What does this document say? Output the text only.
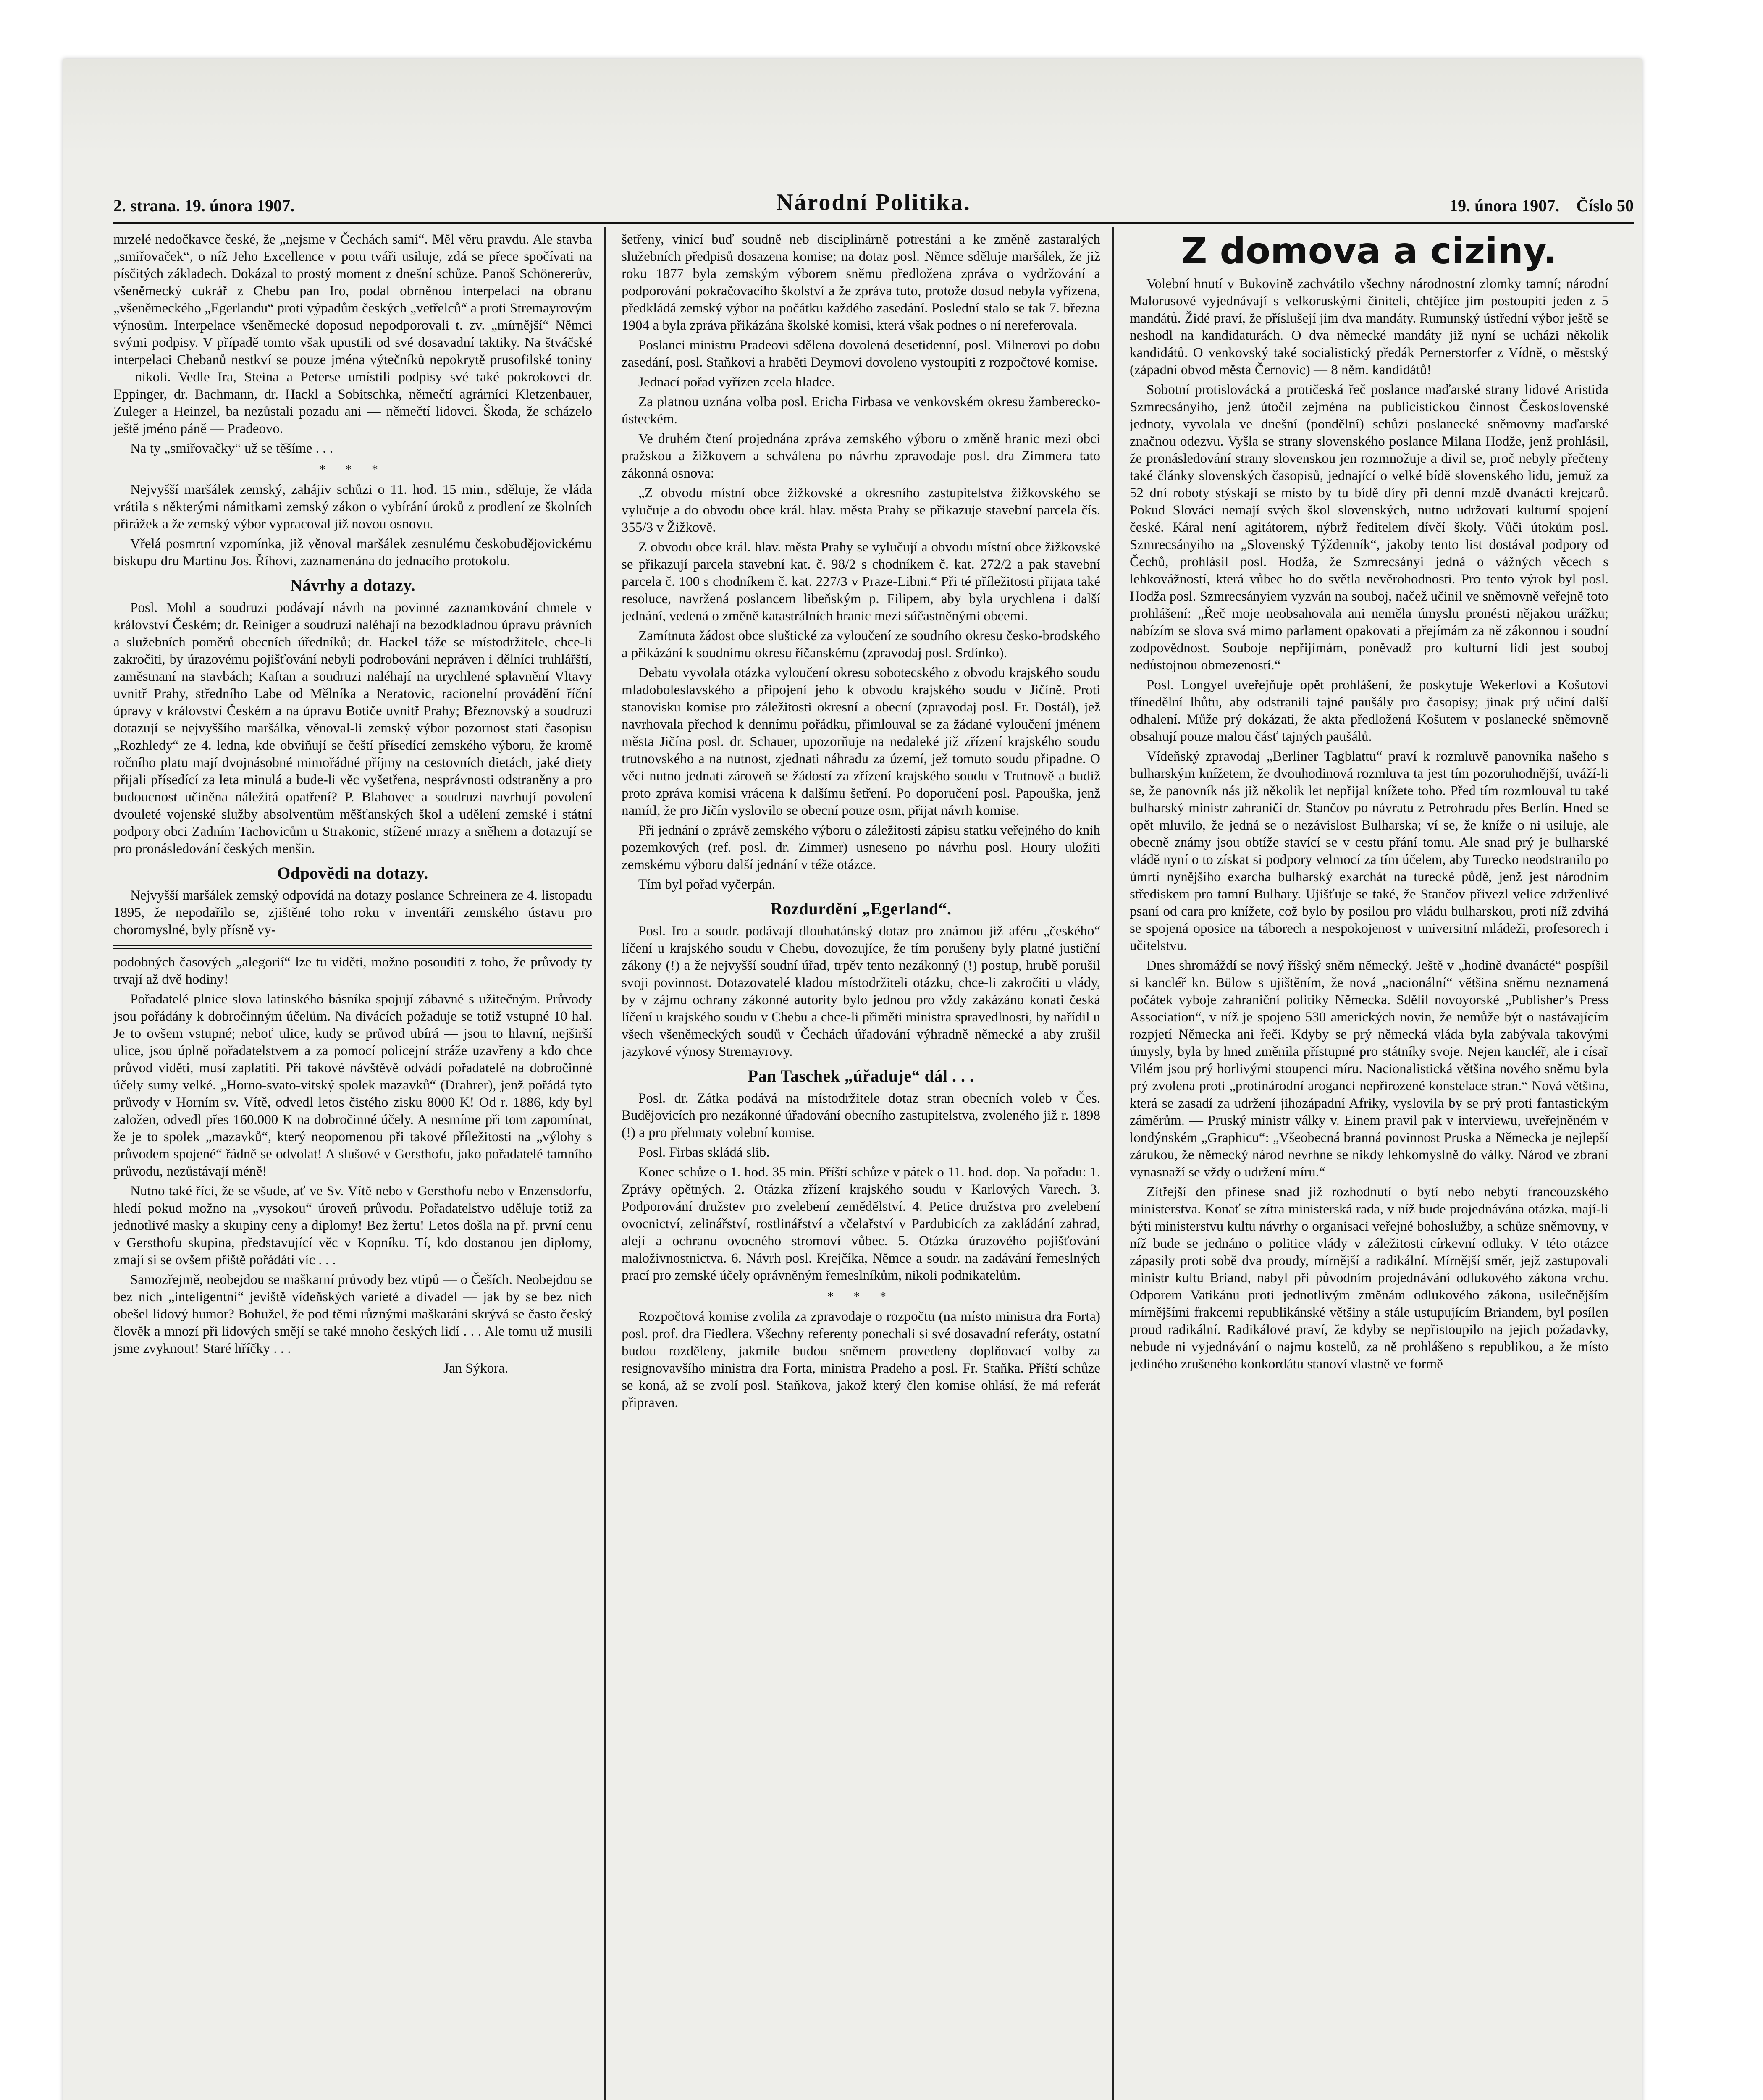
2. strana. 19. února 1907.	Národní Politika.	19. února 1907. Číslo 50

mrzelé nedočkavce české, že „nejsme v Čechách sami“. Měl věru pravdu. Ale stavba „smiřovaček“, o níž Jeho Excellence v potu tváři usiluje, zdá se přece spočívati na písčitých základech. Dokázal to prostý moment z dnešní schůze. Panoš Schönererův, všeněmecký cukrář z Chebu pan Iro, podal obrněnou interpelaci na obranu „všeněmeckého „Egerlandu“ proti výpadům českých „vetřelců“ a proti Stremayrovým výnosům. Interpelace všeněmecké doposud nepodporovali t. zv. „mírnější“ Němci svými podpisy. V případě tomto však upustili od své dosavadní taktiky. Na štváčské interpelaci Chebanů nestkví se pouze jména výtečníků nepokrytě prusofilské toniny — nikoli. Vedle Ira, Steina a Peterse umístili podpisy své také pokrokovci dr. Eppinger, dr. Bachmann, dr. Hackl a Sobitschka, němečtí agrárníci Kletzenbauer, Zuleger a Heinzel, ba nezůstali pozadu ani — němečtí lidovci. Škoda, že scházelo ještě jméno páně — Pradeovo.

Na ty „smiřovačky“ už se těšíme . . .

* * *

Nejvyšší maršálek zemský, zahájiv schůzi o 11. hod. 15 min., sděluje, že vláda vrátila s některými námitkami zemský zákon o vybírání úroků z prodlení ze školních přirážek a že zemský výbor vypracoval již novou osnovu.

Vřelá posmrtní vzpomínka, již věnoval maršálek zesnulému českobudějovickému biskupu dru Martinu Jos. Říhovi, zaznamenána do jednacího protokolu.

Návrhy a dotazy.

Posl. Mohl a soudruzi podávají návrh na povinné zaznamkování chmele v království Českém; dr. Reiniger a soudruzi naléhají na bezodkladnou úpravu právních a služebních poměrů obecních úředníků; dr. Hackel táže se místodržitele, chce-li zakročiti, by úrazovému pojišťování nebyli podrobováni nepráven i dělníci truhlářští, zaměstnaní na stavbách; Kaftan a soudruzi naléhají na urychlené splavnění Vltavy uvnitř Prahy, středního Labe od Mělníka a Neratovic, racionelní provádění říční úpravy v království Českém a na úpravu Botiče uvnitř Prahy; Březnovský a soudruzi dotazují se nejvyššího maršálka, věnoval-li zemský výbor pozornost stati časopisu „Rozhledy“ ze 4. ledna, kde obviňují se čeští přísedící zemského výboru, že kromě ročního platu mají dvojnásobné mimořádné příjmy na cestovních dietách, jaké diety přijali přísedící za leta minulá a bude-li věc vyšetřena, nesprávnosti odstraněny a pro budoucnost učiněna náležitá opatření? P. Blahovec a soudruzi navrhují povolení dvouleté vojenské služby absolventům měšťanských škol a udělení zemské i státní podpory obci Zadním Tachovicům u Strakonic, stížené mrazy a sněhem a dotazují se pro pronásledování českých menšin.

Odpovědi na dotazy.

Nejvyšší maršálek zemský odpovídá na dotazy poslance Schreinera ze 4. listopadu 1895, že nepodařilo se, zjištěné toho roku v inventáři zemského ústavu pro choromyslné, byly přísně vy-

podobných časových „alegorií“ lze tu viděti, možno posouditi z toho, že průvody ty trvají až dvě hodiny!

Pořadatelé plnice slova latinského básníka spojují zábavné s užitečným. Průvody jsou pořádány k dobročinným účelům. Na divácích požaduje se totiž vstupné 10 hal. Je to ovšem vstupné; neboť ulice, kudy se průvod ubírá — jsou to hlavní, nejširší ulice, jsou úplně pořadatelstvem a za pomocí policejní stráže uzavřeny a kdo chce průvod viděti, musí zaplatiti. Při takové návštěvě odvádí pořadatelé na dobročinné účely sumy velké. „Horno-svato-vitský spolek mazavků“ (Drahrer), jenž pořádá tyto průvody v Horním sv. Vítě, odvedl letos čistého zisku 8000 K! Od r. 1886, kdy byl založen, odvedl přes 160.000 K na dobročinné účely. A nesmíme při tom zapomínat, že je to spolek „mazavků“, který neopomenou při takové příležitosti na „výlohy s průvodem spojené“ řádně se odvolat! A slušové v Gersthofu, jako pořadatelé tamního průvodu, nezůstávají méně!

Nutno také říci, že se všude, ať ve Sv. Vítě nebo v Gersthofu nebo v Enzensdorfu, hledí pokud možno na „vysokou“ úroveň průvodu. Pořadatelstvo uděluje totiž za jednotlivé masky a skupiny ceny a diplomy! Bez žertu! Letos došla na př. první cenu v Gersthofu skupina, představující věc v Kopníku. Tí, kdo dostanou jen diplomy, zmají si se ovšem přiště pořádáti víc . . .

Samozřejmě, neobejdou se maškarní průvody bez vtipů — o Češích. Neobejdou se bez nich „inteligentní“ jeviště vídeňských varieté a divadel — jak by se bez nich obešel lidový humor? Bohužel, že pod těmi různými maškaráni skrývá se často český člověk a mnozí při lidových smějí se také mnoho českých lidí . . . Ale tomu už musili jsme zvyknout! Staré hříčky . . .

Jan Sýkora.

šetřeny, vinicí buď soudně neb disciplinárně potrestáni a ke změně zastaralých služebních předpisů dosazena komise; na dotaz posl. Němce sděluje maršálek, že již roku 1877 byla zemským výborem sněmu předložena zpráva o vydržování a podporování pokračovacího školství a že zpráva tuto, protože dosud nebyla vyřízena, předkládá zemský výbor na počátku každého zasedání. Poslední stalo se tak 7. března 1904 a byla zpráva přikázána školské komisi, která však podnes o ní nereferovala.

Poslanci ministru Pradeovi sdělena dovolená desetidenní, posl. Milnerovi po dobu zasedání, posl. Staňkovi a hraběti Deymovi dovoleno vystoupiti z rozpočtové komise.

Jednací pořad vyřízen zcela hladce.

Za platnou uznána volba posl. Ericha Firbasa ve venkovském okresu žamberecko-ústeckém.

Ve druhém čtení projednána zpráva zemského výboru o změně hranic mezi obci pražskou a žižkovem a schválena po návrhu zpravodaje posl. dra Zimmera tato zákonná osnova:

„Z obvodu místní obce žižkovské a okresního zastupitelstva žižkovského se vylučuje a do obvodu obce král. hlav. města Prahy se přikazuje stavební parcela čís. 355/3 v Žižkově.

Z obvodu obce král. hlav. města Prahy se vylučují a obvodu místní obce žižkovské se přikazují parcela stavební kat. č. 98/2 s chodníkem č. kat. 272/2 a pak stavební parcela č. 100 s chodníkem č. kat. 227/3 v Praze-Libni.“ Při té příležitosti přijata také resoluce, navržená poslancem libeňským p. Filipem, aby byla urychlena i další jednání, vedená o změně katastrálních hranic mezi súčastněnými obcemi.

Zamítnuta žádost obce sluštické za vyloučení ze soudního okresu česko-brodského a přikázání k soudnímu okresu říčanskému (zpravodaj posl. Srdínko).

Debatu vyvolala otázka vyloučení okresu sobotecského z obvodu krajského soudu mladoboleslavského a připojení jeho k obvodu krajského soudu v Jičíně. Proti stanovisku komise pro záležitosti okresní a obecní (zpravodaj posl. Fr. Dostál), jež navrhovala přechod k dennímu pořádku, přimlouval se za žádané vyloučení jménem města Jičína posl. dr. Schauer, upozorňuje na nedaleké již zřízení krajského soudu trutnovského a na nutnost, zjednati náhradu za území, jež tomuto soudu připadne. O věci nutno jednati zároveň se žádostí za zřízení krajského soudu v Trutnově a budiž proto zpráva komisi vrácena k dalšímu šetření. Po doporučení posl. Papouška, jenž namítl, že pro Jičín vyslovilo se obecní pouze osm, přijat návrh komise.

Při jednání o zprávě zemského výboru o záležitosti zápisu statku veřejného do knih pozemkových (ref. posl. dr. Zimmer) usneseno po návrhu posl. Houry uložiti zemskému výboru další jednání v téže otázce.

Tím byl pořad vyčerpán.

Rozdurdění „Egerland“.

Posl. Iro a soudr. podávají dlouhatánský dotaz pro známou již aféru „českého“ líčení u krajského soudu v Chebu, dovozujíce, že tím porušeny byly platné justiční zákony (!) a že nejvyšší soudní úřad, trpěv tento nezákonný (!) postup, hrubě porušil svoji povinnost. Dotazovatelé kladou místodržiteli otázku, chce-li zakročiti u vlády, by v zájmu ochrany zákonné autority bylo jednou pro vždy zakázáno konati česká líčení u krajského soudu v Chebu a chce-li přiměti ministra spravedlnosti, by nařídil u všech všeněmeckých soudů v Čechách úřadování výhradně německé a aby zrušil jazykové výnosy Stremayrovy.

Pan Taschek „úřaduje“ dál . . .

Posl. dr. Zátka podává na místodržitele dotaz stran obecních voleb v Čes. Budějovicích pro nezákonné úřadování obecního zastupitelstva, zvoleného již r. 1898 (!) a pro přehmaty volební komise.

Posl. Firbas skládá slib.

Konec schůze o 1. hod. 35 min. Příští schůze v pátek o 11. hod. dop. Na pořadu: 1. Zprávy opětných. 2. Otázka zřízení krajského soudu v Karlových Varech. 3. Podporování družstev pro zvelebení zemědělství. 4. Petice družstva pro zvelebení ovocnictví, zelinářství, rostlinářství a včelařství v Pardubicích za zakládání zahrad, alejí a ochranu ovocného stromoví vůbec. 5. Otázka úrazového pojišťování maloživnostnictva. 6. Návrh posl. Krejčíka, Němce a soudr. na zadávání řemeslných prací pro zemské účely oprávněným řemeslníkům, nikoli podnikatelům.

* * *

Rozpočtová komise zvolila za zpravodaje o rozpočtu (na místo ministra dra Forta) posl. prof. dra Fiedlera. Všechny referenty ponechali si své dosavadní referáty, ostatní budou rozděleny, jakmile budou sněmem provedeny doplňovací volby za resignovavšího ministra dra Forta, ministra Pradeho a posl. Fr. Staňka. Příští schůze se koná, až se zvolí posl. Staňkova, jakož který člen komise ohlásí, že má referát připraven.

Z domova a ciziny.

Volební hnutí v Bukovině zachvátilo všechny národnostní zlomky tamní; národní Malorusové vyjednávají s velkoruskými činiteli, chtějíce jim postoupiti jeden z 5 mandátů. Židé praví, že příslušejí jim dva mandáty. Rumunský ústřední výbor ještě se neshodl na kandidaturách. O dva německé mandáty již nyní se ucházi několik kandidátů. O venkovský také socialistický předák Pernerstorfer z Vídně, o městský (západní obvod města Černovic) — 8 něm. kandidátů!

Sobotní protislovácká a protičeská řeč poslance maďarské strany lidové Aristida Szmrecsányiho, jenž útočil zejména na publicistickou činnost Československé jednoty, vyvolala ve dnešní (pondělní) schůzi poslanecké sněmovny maďarské značnou odezvu. Vyšla se strany slovenského poslance Milana Hodže, jenž prohlásil, že pronásledování strany slovenskou jen rozmnožuje a divil se, proč nebyly přečteny také články slovenských časopisů, jednající o velké bídě slovenského lidu, jemuž za 52 dní roboty stýskají se místo by tu bídě díry při denní mzdě dvanácti krejcarů. Pokud Slováci nemají svých škol slovenských, nutno udržovati kulturní spojení české. Káral není agitátorem, nýbrž ředitelem dívčí školy. Vůči útokům posl. Szmrecsányiho na „Slovenský Týždenník“, jakoby tento list dostával podpory od Čechů, prohlásil posl. Hodža, že Szmrecsányi jedná o vážných věcech s lehkovážností, která vůbec ho do světla nevěrohodnosti. Pro tento výrok byl posl. Hodža posl. Szmrecsányiem vyzván na souboj, načež učinil ve sněmovně veřejně toto prohlášení: „Řeč moje neobsahovala ani neměla úmyslu pronésti nějakou urážku; nabízím se slova svá mimo parlament opakovati a přejímám za ně zákonnou i soudní zodpovědnost. Souboje nepřijímám, poněvadž pro kulturní lidi jest souboj nedůstojnou obmezeností.“

Posl. Longyel uveřejňuje opět prohlášení, že poskytuje Wekerlovi a Košutovi třínedělní lhůtu, aby odstranili tajné paušály pro časopisy; jinak prý učiní další odhalení. Může prý dokázati, že akta předložená Košutem v poslanecké sněmovně obsahují pouze malou čásť tajných paušálů.

Vídeňský zpravodaj „Berliner Tagblattu“ praví k rozmluvě panovníka našeho s bulharským knížetem, že dvouhodinová rozmluva ta jest tím pozoruhodnější, uváží-li se, že panovník nás již několik let nepřijal knížete toho. Před tím rozmlouval tu také bulharský ministr zahraničí dr. Stančov po návratu z Petrohradu přes Berlín. Hned se opět mluvilo, že jedná se o nezávislost Bulharska; ví se, že kníže o ni usiluje, ale obecně známy jsou obtíže stavící se v cestu přání tomu. Ale snad prý je bulharské vládě nyní o to získat si podpory velmocí za tím účelem, aby Turecko neodstranilo po úmrtí nynějšího exarcha bulharský exarchát na turecké půdě, jenž jest národním střediskem pro tamní Bulhary. Ujišťuje se také, že Stančov přivezl velice zdrženlivé psaní od cara pro knížete, což bylo by posilou pro vládu bulharskou, proti níž zdvihá se spojená oposice na táborech a nespokojenost v universitní mládeži, profesorech i učitelstvu.

Dnes shromáždí se nový říšský sněm německý. Ještě v „hodině dvanácté“ pospíšil si kancléř kn. Bülow s ujištěním, že nová „nacionální“ většina sněmu neznamená počátek vyboje zahraniční politiky Německa. Sdělil novoyorské „Publisher’s Press Association“, v níž je spojeno 530 amerických novin, že nemůže být o nastávajícím rozpjetí Německa ani řeči. Kdyby se prý německá vláda byla zabývala takovými úmysly, byla by hned změnila přístupné pro státníky svoje. Nejen kancléř, ale i císař Vilém jsou prý horlivými stoupenci míru. Nacionalistická většina nového sněmu byla prý zvolena proti „protinárodní aroganci nepřirozené konstelace stran.“ Nová většina, která se zasadí za udržení jihozápadní Afriky, vyslovila by se prý proti fantastickým záměrům. — Pruský ministr války v. Einem pravil pak v interviewu, uveřejněném v londýnském „Graphicu“: „Všeobecná branná povinnost Pruska a Německa je nejlepší zárukou, že německý národ nevrhne se nikdy lehkomyslně do války. Národ ve zbraní vynasnaží se vždy o udržení míru.“

Zítřejší den přinese snad již rozhodnutí o bytí nebo nebytí francouzského ministerstva. Konať se zítra ministerská rada, v níž bude projednávána otázka, mají-li býti ministerstvu kultu návrhy o organisaci veřejné bohoslužby, a schůze sněmovny, v níž bude se jednáno o politice vlády v záležitosti církevní odluky. V této otázce zápasily proti sobě dva proudy, mírnější a radikální. Mírnější směr, jejž zastupovali ministr kultu Briand, nabyl při původním projednávání odlukového zákona vrchu. Odporem Vatikánu proti jednotlivým změnám odlukového zákona, usilečnějším mírnějšími frakcemi republikánské většiny a stále ustupujícím Briandem, byl posílen proud radikální. Radikálové praví, že kdyby se nepřistoupilo na jejich požadavky, nebude ni vyjednávání o najmu kostelů, za ně prohlášeno s republikou, a že místo jediného zrušeného konkordátu stanoví vlastně ve formě
